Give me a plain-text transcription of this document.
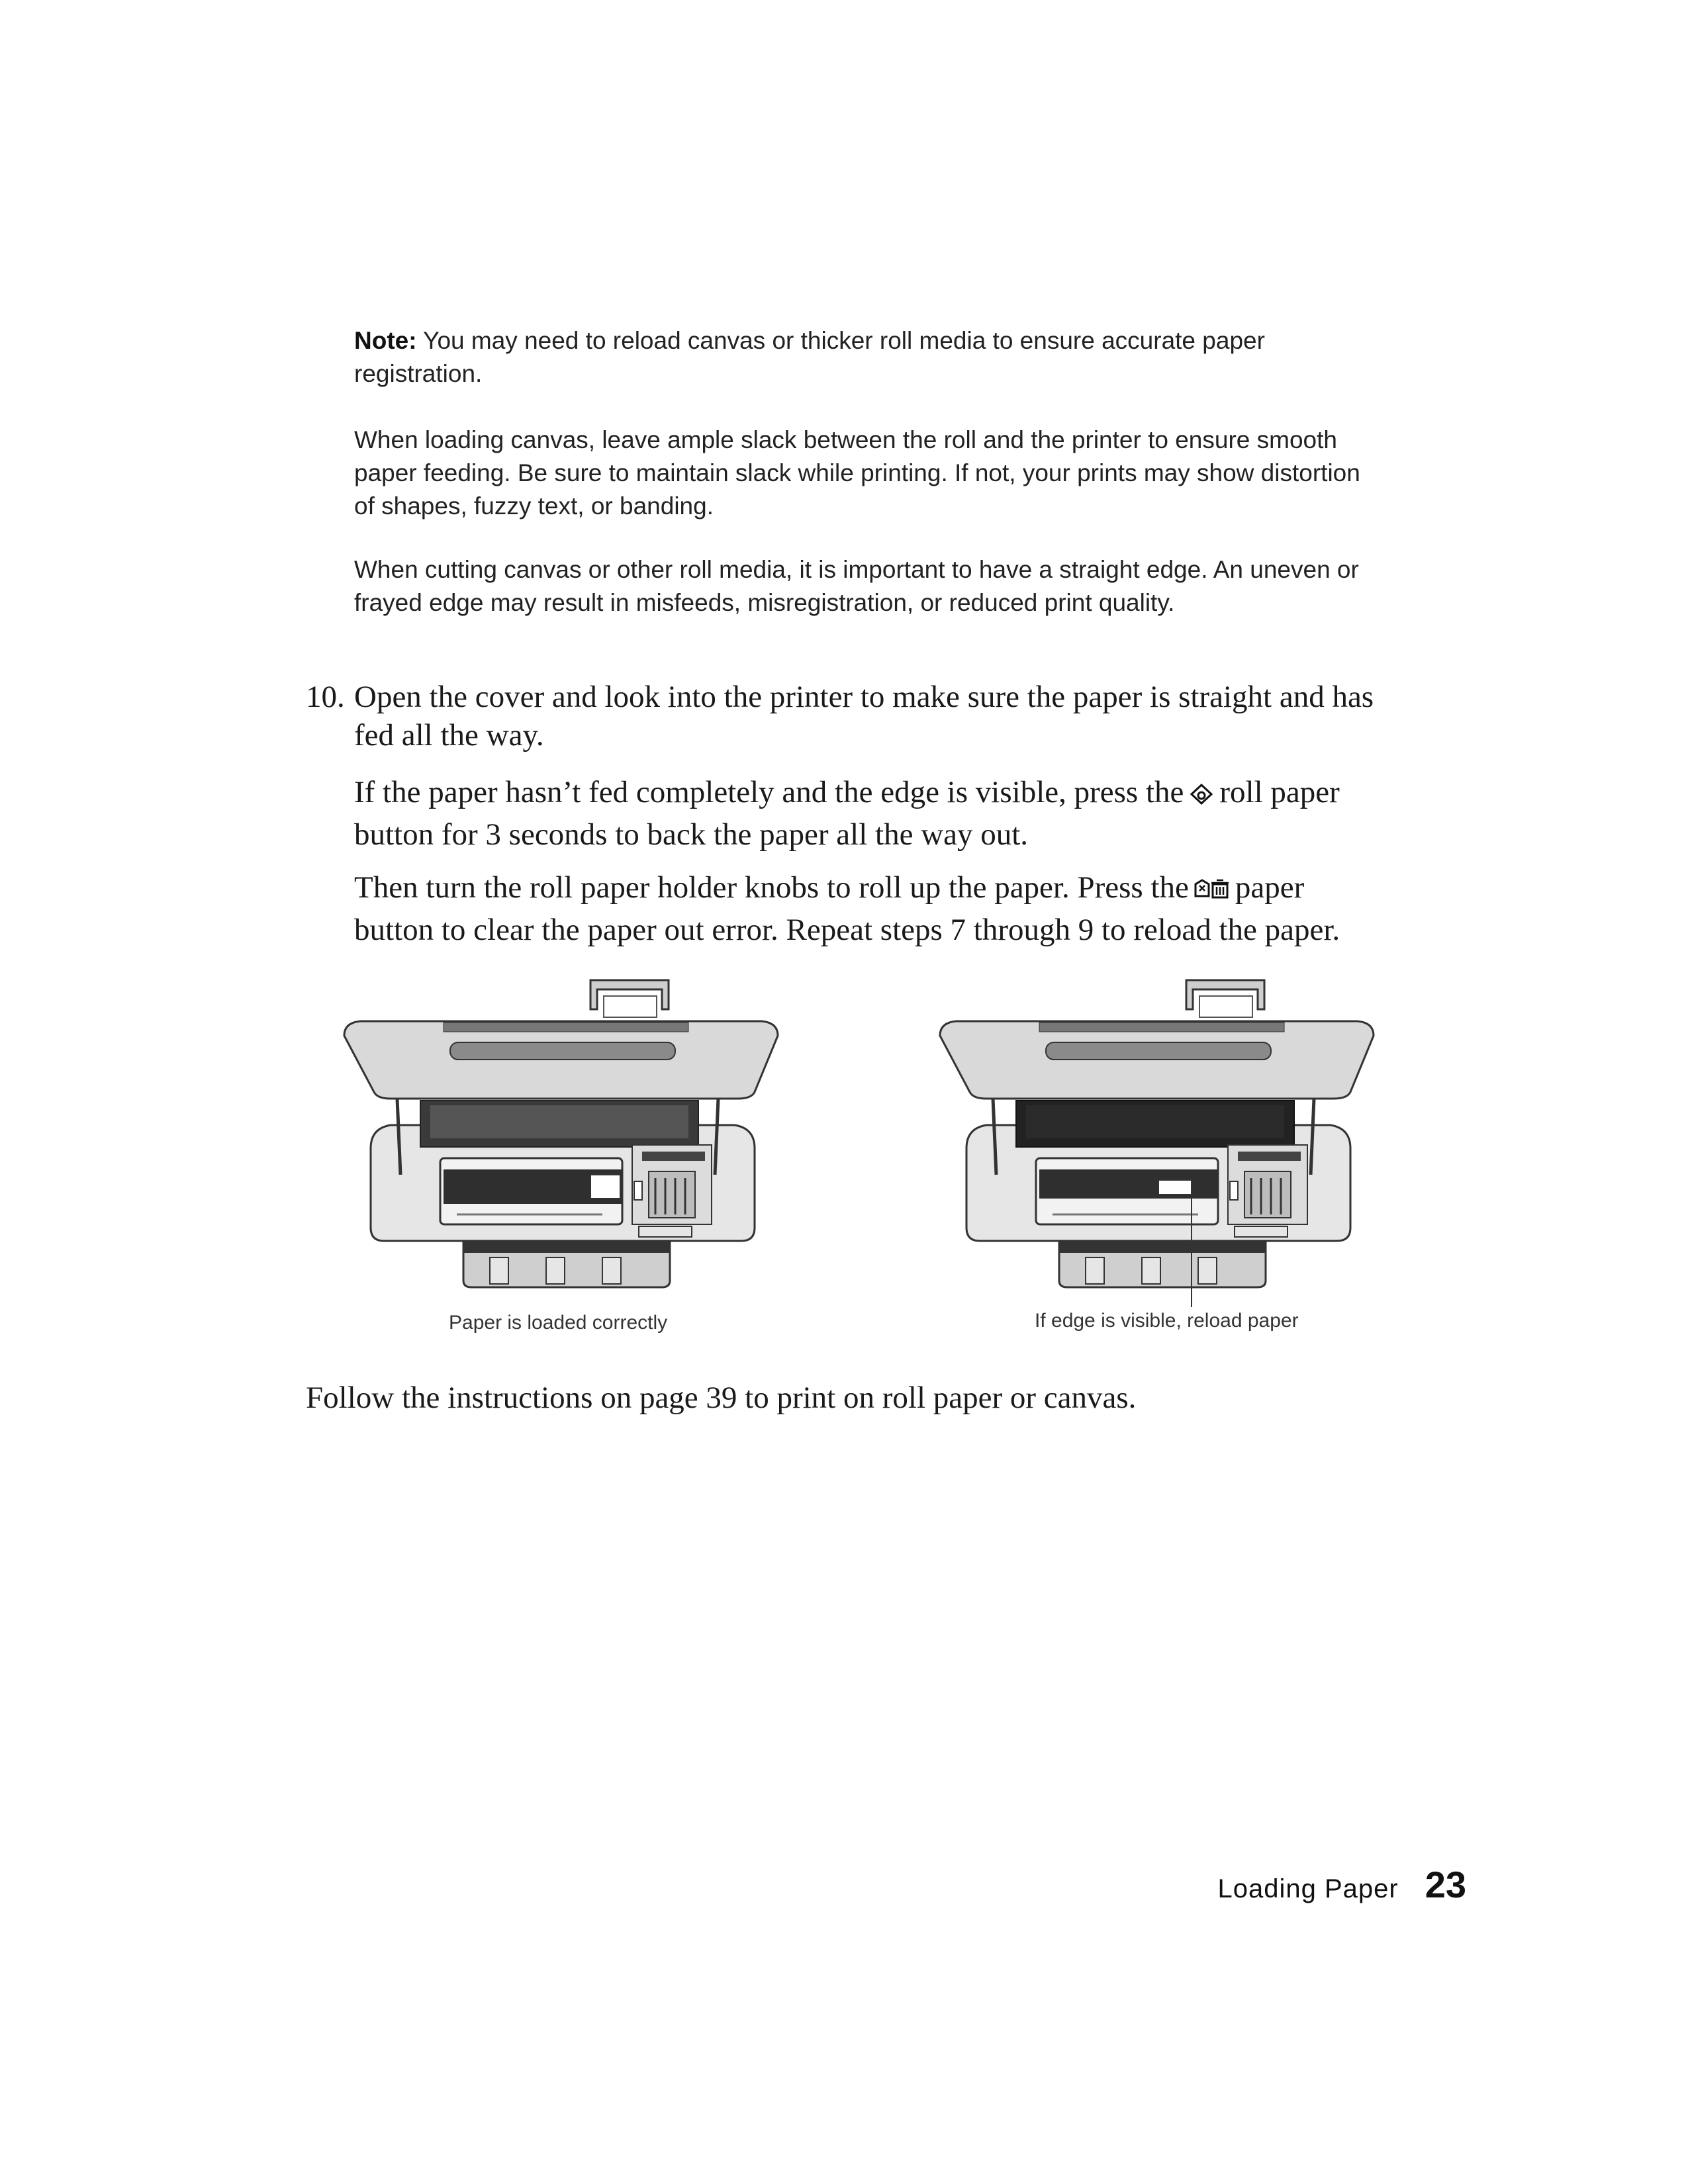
Note: You may need to reload canvas or thicker roll media to ensure accurate paper registration.
When loading canvas, leave ample slack between the roll and the printer to ensure smooth paper feeding. Be sure to maintain slack while printing. If not, your prints may show distortion of shapes, fuzzy text, or banding.
When cutting canvas or other roll media, it is important to have a straight edge. An uneven or frayed edge may result in misfeeds, misregistration, or reduced print quality.
10. Open the cover and look into the printer to make sure the paper is straight and has fed all the way.
If the paper hasn’t fed completely and the edge is visible, press the roll paper button for 3 seconds to back the paper all the way out.
Then turn the roll paper holder knobs to roll up the paper. Press the paper button to clear the paper out error. Repeat steps 7 through 9 to reload the paper.
Paper is loaded correctly	If edge is visible, reload paper
Follow the instructions on page 39 to print on roll paper or canvas.
Loading Paper 23
